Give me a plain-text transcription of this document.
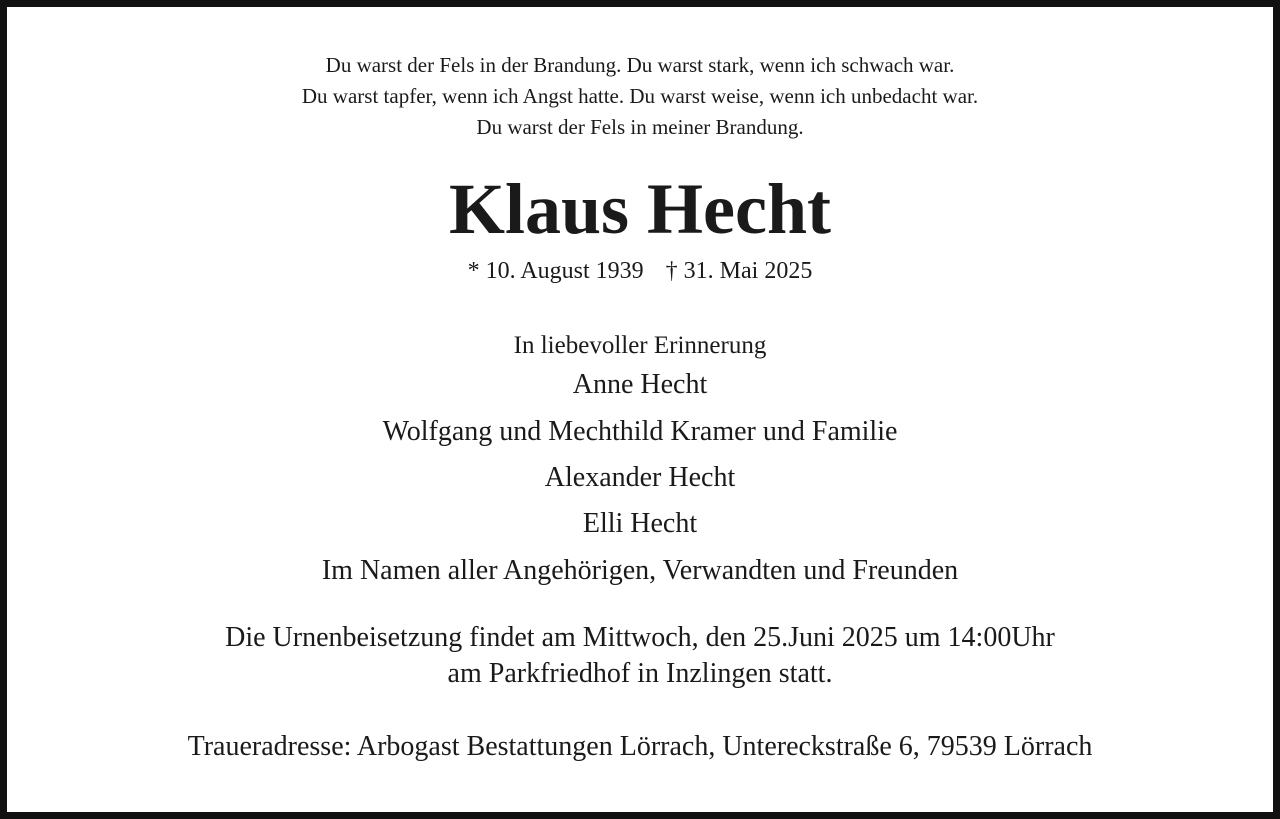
Du warst der Fels in der Brandung. Du warst stark, wenn ich schwach war.
Du warst tapfer, wenn ich Angst hatte. Du warst weise, wenn ich unbedacht war.
Du warst der Fels in meiner Brandung.
Klaus Hecht
* 10. August 1939 † 31. Mai 2025
In liebevoller Erinnerung
Anne Hecht
Wolfgang und Mechthild Kramer und Familie
Alexander Hecht
Elli Hecht
Im Namen aller Angehörigen, Verwandten und Freunden
Die Urnenbeisetzung findet am Mittwoch, den 25.Juni 2025 um 14:00Uhr
am Parkfriedhof in Inzlingen statt.
Traueradresse: Arbogast Bestattungen Lörrach, Untereckstraße 6, 79539 Lörrach
